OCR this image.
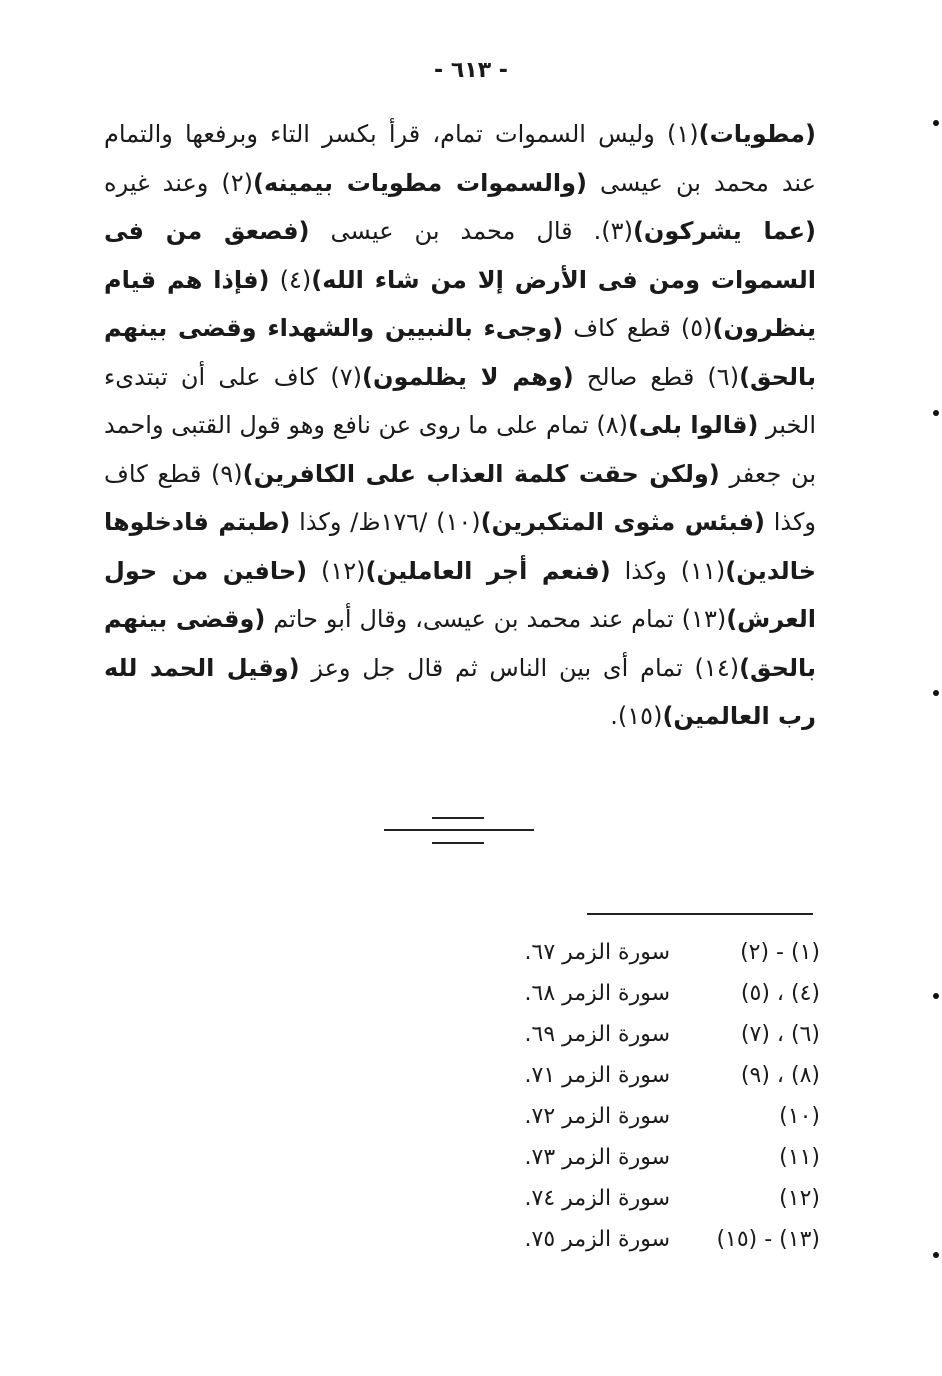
- ٦١٣ -

(مطويات)(١) وليس السموات تمام، قرأ بكسر التاء وبرفعها والتمام عند محمد بن عيسى (والسموات مطويات بيمينه)(٢) وعند غيره (عما يشركون)(٣). قال محمد بن عيسى (فصعق من فى السموات ومن فى الأرض إلا من شاء الله)(٤) (فإذا هم قيام ينظرون)(٥) قطع كاف (وجىء بالنبيين والشهداء وقضى بينهم بالحق)(٦) قطع صالح (وهم لا يظلمون)(٧) كاف على أن تبتدىء الخبر (قالوا بلى)(٨) تمام على ما روى عن نافع وهو قول القتبى واحمد بن جعفر (ولكن حقت كلمة العذاب على الكافرين)(٩) قطع كاف وكذا (فبئس مثوى المتكبرين)(١٠) /١٧٦ظ/ وكذا (طبتم فادخلوها خالدين)(١١) وكذا (فنعم أجر العاملين)(١٢) (حافين من حول العرش)(١٣) تمام عند محمد بن عيسى، وقال أبو حاتم (وقضى بينهم بالحق)(١٤) تمام أى بين الناس ثم قال جل وعز (وقيل الحمد لله رب العالمين)(١٥).

(١) - (٢)
سورة الزمر ٦٧.
(٤) ، (٥)
سورة الزمر ٦٨.
(٦) ، (٧)
سورة الزمر ٦٩.
(٨) ، (٩)
سورة الزمر ٧١.
(١٠)
سورة الزمر ٧٢.
(١١)
سورة الزمر ٧٣.
(١٢)
سورة الزمر ٧٤.
(١٣) - (١٥)
سورة الزمر ٧٥.
